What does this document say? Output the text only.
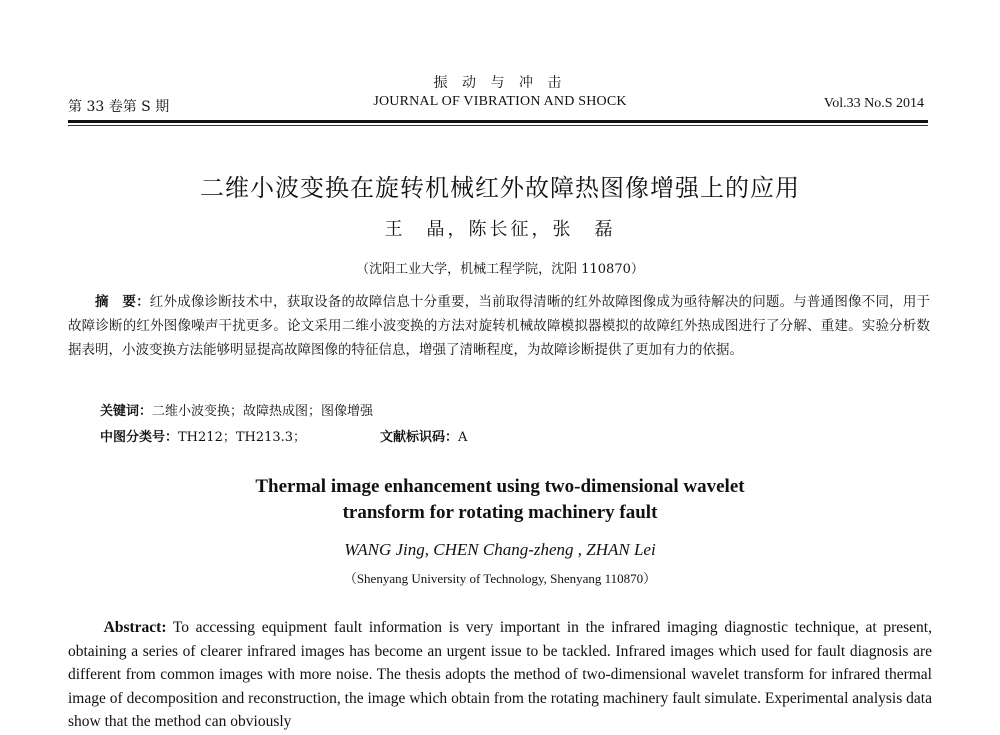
振 动 与 冲 击
JOURNAL OF VIBRATION AND SHOCK
第 33 卷第 S 期	Vol.33 No.S 2014
二维小波变换在旋转机械红外故障热图像增强上的应用
王　晶，陈长征，张　磊
（沈阳工业大学，机械工程学院，沈阳 110870）

摘　要：红外成像诊断技术中，获取设备的故障信息十分重要，当前取得清晰的红外故障图像成为亟待解决的问题。与普通图像不同，用于故障诊断的红外图像噪声干扰更多。论文采用二维小波变换的方法对旋转机械故障模拟器模拟的故障红外热成图进行了分解、重建。实验分析数据表明，小波变换方法能够明显提高故障图像的特征信息，增强了清晰程度，为故障诊断提供了更加有力的依据。

关键词：二维小波变换；故障热成图；图像增强
中图分类号：TH212；TH213.3；	文献标识码：A
Thermal image enhancement using two-dimensional wavelet
transform for rotating machinery fault
WANG Jing, CHEN Chang-zheng , ZHAN Lei
（Shenyang University of Technology, Shenyang 110870）

Abstract: To accessing equipment fault information is very important in the infrared imaging diagnostic technique, at present, obtaining a series of clearer infrared images has become an urgent issue to be tackled. Infrared images which used for fault diagnosis are different from common images with more noise. The thesis adopts the method of two-dimensional wavelet transform for infrared thermal image of decomposition and reconstruction, the image which obtain from the rotating machinery fault simulate. Experimental analysis data show that the method can obviously
